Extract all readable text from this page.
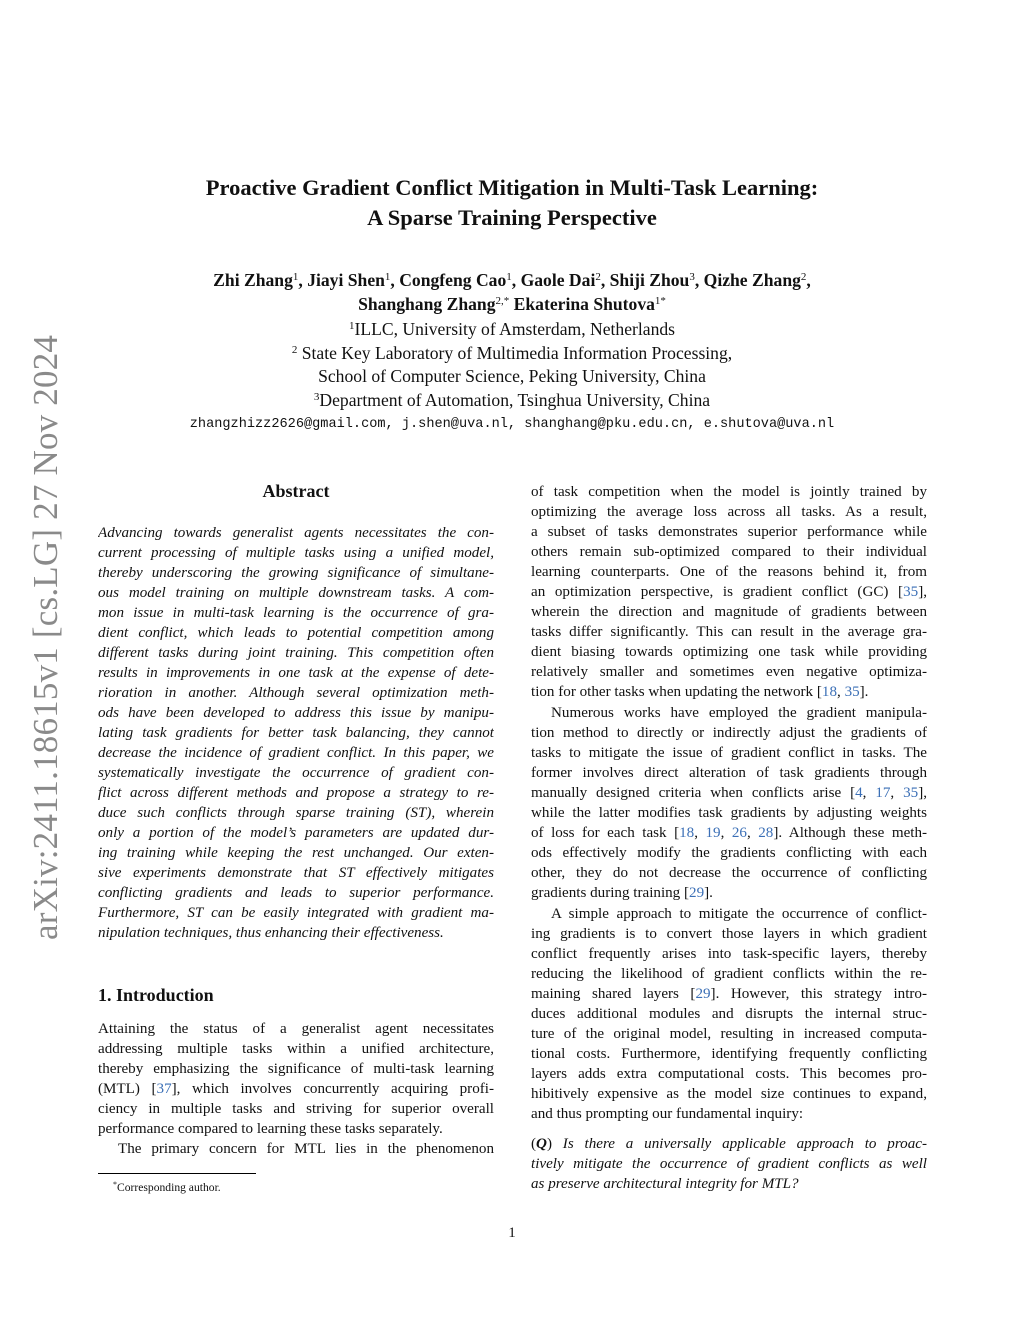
arXiv:2411.18615v1 [cs.LG] 27 Nov 2024
Proactive Gradient Conflict Mitigation in Multi-Task Learning:
A Sparse Training Perspective
Zhi Zhang$^1$, Jiayi Shen$^1$, Congfeng Cao$^1$, Gaole Dai$^2$, Shiji Zhou$^3$, Qizhe Zhang$^2$,
Shanghang Zhang$^{2,*}$ Ekaterina Shutova$^{1*}$
$^1$ILLC, University of Amsterdam, Netherlands
$^2$ State Key Laboratory of Multimedia Information Processing,
School of Computer Science, Peking University, China
$^3$Department of Automation, Tsinghua University, China
zhangzhizz2626@gmail.com, j.shen@uva.nl, shanghang@pku.edu.cn, e.shutova@uva.nl
Abstract
Advancing towards generalist agents necessitates the con-
current processing of multiple tasks using a unified model,
thereby underscoring the growing significance of simultane-
ous model training on multiple downstream tasks. A com-
mon issue in multi-task learning is the occurrence of gra-
dient conflict, which leads to potential competition among
different tasks during joint training. This competition often
results in improvements in one task at the expense of dete-
rioration in another. Although several optimization meth-
ods have been developed to address this issue by manipu-
lating task gradients for better task balancing, they cannot
decrease the incidence of gradient conflict. In this paper, we
systematically investigate the occurrence of gradient con-
flict across different methods and propose a strategy to re-
duce such conflicts through sparse training (ST), wherein
only a portion of the model’s parameters are updated dur-
ing training while keeping the rest unchanged. Our exten-
sive experiments demonstrate that ST effectively mitigates
conflicting gradients and leads to superior performance.
Furthermore, ST can be easily integrated with gradient ma-
nipulation techniques, thus enhancing their effectiveness.
1. Introduction
Attaining the status of a generalist agent necessitates
addressing multiple tasks within a unified architecture,
thereby emphasizing the significance of multi-task learning
(MTL) [37], which involves concurrently acquiring profi-
ciency in multiple tasks and striving for superior overall
performance compared to learning these tasks separately.
The primary concern for MTL lies in the phenomenon
*Corresponding author.
of task competition when the model is jointly trained by
optimizing the average loss across all tasks. As a result,
a subset of tasks demonstrates superior performance while
others remain sub-optimized compared to their individual
learning counterparts. One of the reasons behind it, from
an optimization perspective, is gradient conflict (GC) [35],
wherein the direction and magnitude of gradients between
tasks differ significantly. This can result in the average gra-
dient biasing towards optimizing one task while providing
relatively smaller and sometimes even negative optimiza-
tion for other tasks when updating the network [18, 35].
Numerous works have employed the gradient manipula-
tion method to directly or indirectly adjust the gradients of
tasks to mitigate the issue of gradient conflict in tasks. The
former involves direct alteration of task gradients through
manually designed criteria when conflicts arise [4, 17, 35],
while the latter modifies task gradients by adjusting weights
of loss for each task [18, 19, 26, 28]. Although these meth-
ods effectively modify the gradients conflicting with each
other, they do not decrease the occurrence of conflicting
gradients during training [29].
A simple approach to mitigate the occurrence of conflict-
ing gradients is to convert those layers in which gradient
conflict frequently arises into task-specific layers, thereby
reducing the likelihood of gradient conflicts within the re-
maining shared layers [29]. However, this strategy intro-
duces additional modules and disrupts the internal struc-
ture of the original model, resulting in increased computa-
tional costs. Furthermore, identifying frequently conflicting
layers adds extra computational costs. This becomes pro-
hibitively expensive as the model size continues to expand,
and thus prompting our fundamental inquiry:
(Q) Is there a universally applicable approach to proac-
tively mitigate the occurrence of gradient conflicts as well
as preserve architectural integrity for MTL?
1
